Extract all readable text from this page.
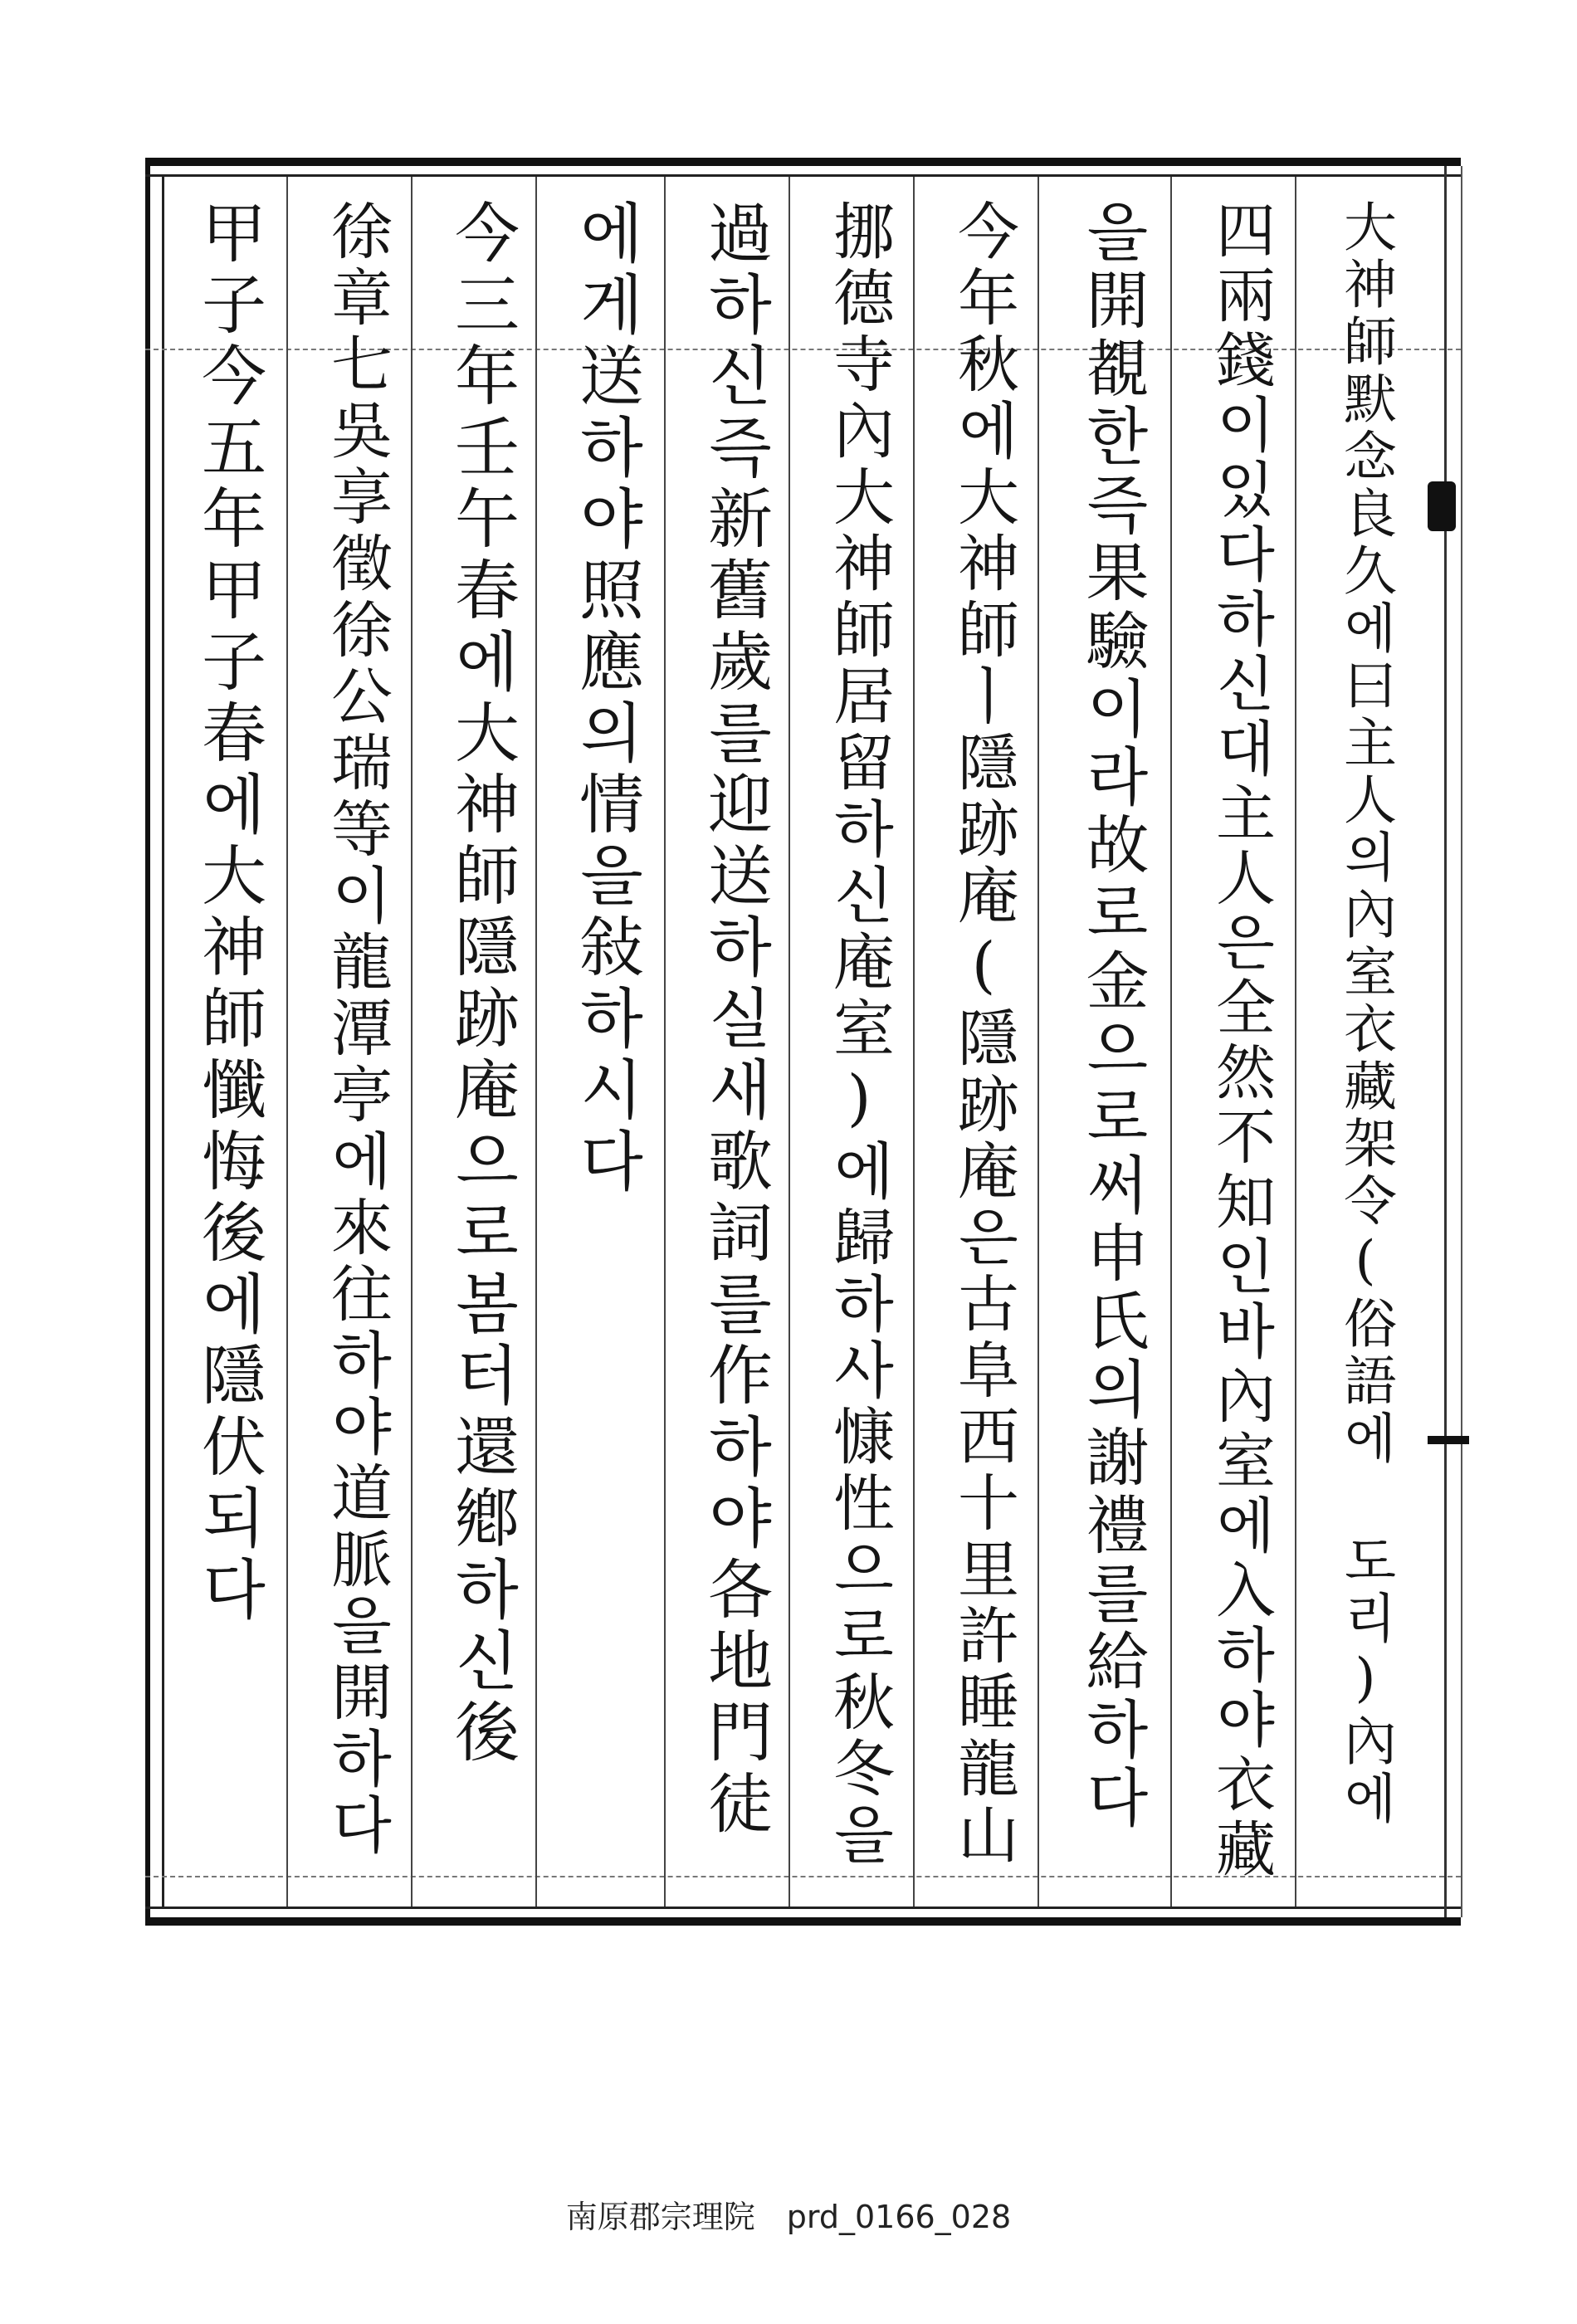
大神師默念良久에曰主人의內室衣藏架令(俗語에 도리)內에
四兩錢이있다하신대主人은全然不知인바內室에入하야衣藏
을開覩한즉果驗이라故로金으로써申氏의謝禮를給하다
今年秋에大神師ㅣ隱跡庵(隱跡庵은古阜西十里許睡龍山
挪德寺內大神師居留하신庵室)에歸하사慷性으로秋冬을
過하신즉新舊歲를迎送하실새歌詞를作하야各地門徒
에게送하야照應의情을敍하시다
今三年壬午春에大神師隱跡庵으로봄터還鄕하신後
徐章七吳享徵徐公瑞等이龍潭亭에來往하야道脈을開하다
甲子今五年甲子春에大神師懺悔後에隱伏되다
南原郡宗理院　prd_0166_028
